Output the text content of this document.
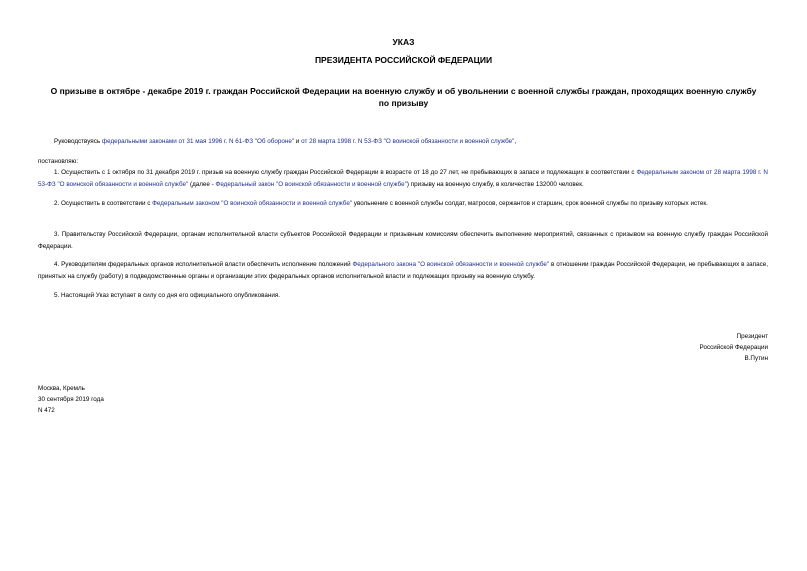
УКАЗ
ПРЕЗИДЕНТА РОССИЙСКОЙ ФЕДЕРАЦИИ
О призыве в октябре - декабре 2019 г. граждан Российской Федерации на военную службу и об увольнении с военной службы граждан, проходящих военную службу по призыву
Руководствуясь федеральными законами от 31 мая 1996 г. N 61-ФЗ "Об обороне" и от 28 марта 1998 г. N 53-ФЗ "О воинской обязанности и военной службе",
постановляю:
1. Осуществить с 1 октября по 31 декабря 2019 г. призыв на военную службу граждан Российской Федерации в возрасте от 18 до 27 лет, не пребывающих в запасе и подлежащих в соответствии с Федеральным законом от 28 марта 1998 г. N 53-ФЗ "О воинской обязанности и военной службе" (далее - Федеральный закон "О воинской обязанности и военной службе") призыву на военную службу, в количестве 132000 человек.
2. Осуществить в соответствии с Федеральным законом "О воинской обязанности и военной службе" увольнение с военной службы солдат, матросов, сержантов и старшин, срок военной службы по призыву которых истек.
3. Правительству Российской Федерации, органам исполнительной власти субъектов Российской Федерации и призывным комиссиям обеспечить выполнение мероприятий, связанных с призывом на военную службу граждан Российской Федерации.
4. Руководителям федеральных органов исполнительной власти обеспечить исполнение положений Федерального закона "О воинской обязанности и военной службе" в отношении граждан Российской Федерации, не пребывающих в запасе, принятых на службу (работу) в подведомственные органы и организации этих федеральных органов исполнительной власти и подлежащих призыву на военную службу.
5. Настоящий Указ вступает в силу со дня его официального опубликования.
Президент
Российской Федерации
В.Путин
Москва, Кремль
30 сентября 2019 года
N 472
